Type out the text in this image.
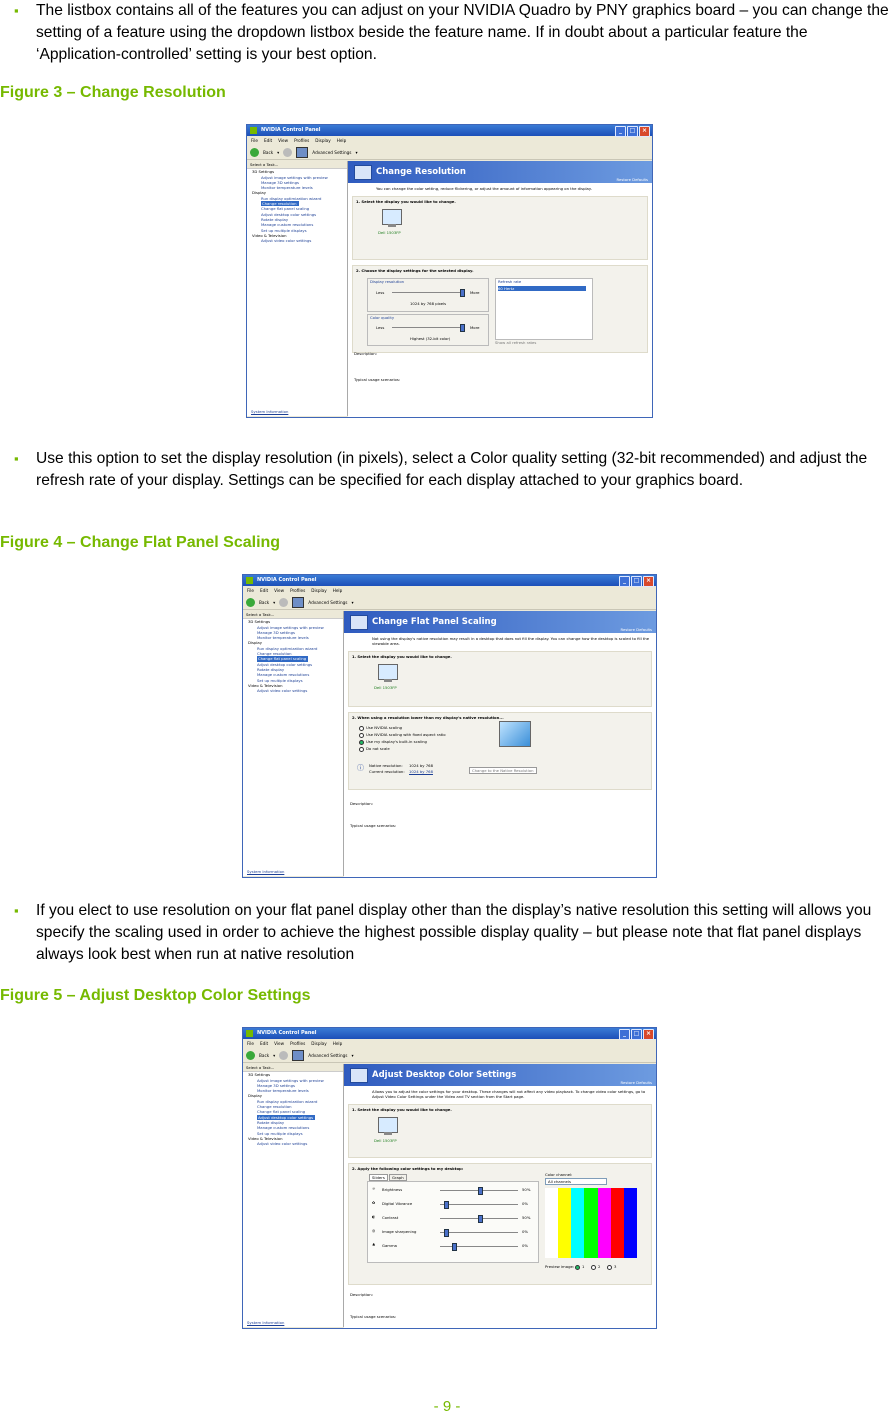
▪ The listbox contains all of the features you can adjust on your NVIDIA Quadro by PNY graphics board – you can change the setting of a feature using the dropdown listbox beside the feature name. If in doubt about a particular feature the ‘Application-controlled’ setting is your best option.
Figure 3 – Change Resolution
NVIDIA Control Panel	_	□	×
File Edit View Profiles Display Help
Back ▾	Advanced Settings ▾
Select a Task...
3D Settings
Adjust image settings with preview
Manage 3D settings
Monitor temperature levels
Display
Run display optimization wizard
Change resolution
Change flat panel scaling
Adjust desktop color settings
Rotate display
Manage custom resolutions
Set up multiple displays
Video & Television
Adjust video color settings
System Information
Change Resolution
Restore Defaults
You can change the color setting, reduce flickering, or adjust the amount of information appearing on the display.
1. Select the display you would like to change.
Dell 1503FP
2. Choose the display settings for the selected display.
Display resolution
Less	More
1024 by 768 pixels
Color quality
Less	More
Highest (32-bit color)
Refresh rate
60 Hertz
Show all refresh rates
Description:
Typical usage scenarios:
▪ Use this option to set the display resolution (in pixels), select a Color quality setting (32-bit recommended) and adjust the refresh rate of your display. Settings can be specified for each display attached to your graphics board.
Figure 4 – Change Flat Panel Scaling
NVIDIA Control Panel	_	□	×
File Edit View Profiles Display Help
Back ▾	Advanced Settings ▾
Select a Task...
3D Settings
Adjust image settings with preview
Manage 3D settings
Monitor temperature levels
Display
Run display optimization wizard
Change resolution
Change flat panel scaling
Adjust desktop color settings
Rotate display
Manage custom resolutions
Set up multiple displays
Video & Television
Adjust video color settings
System Information
Change Flat Panel Scaling
Restore Defaults
Not using the display's native resolution may result in a desktop that does not fill the display. You can change how the desktop is scaled to fill the viewable area.
1. Select the display you would like to change.
Dell 1503FP
2. When using a resolution lower than my display's native resolution...
Use NVIDIA scaling
Use NVIDIA scaling with fixed aspect ratio
Use my display's built-in scaling
Do not scale
ⓘ Native resolution: 1024 by 768
Current resolution: 1024 by 768	Change to the Native Resolution
Description:
Typical usage scenarios:
▪ If you elect to use resolution on your flat panel display other than the display’s native resolution this setting will allows you specify the scaling used in order to achieve the highest possible display quality – but please note that flat panel displays always look best when run at native resolution
Figure 5 – Adjust Desktop Color Settings
NVIDIA Control Panel	_	□	×
File Edit View Profiles Display Help
Back ▾	Advanced Settings ▾
Select a Task...
3D Settings
Adjust image settings with preview
Manage 3D settings
Monitor temperature levels
Display
Run display optimization wizard
Change resolution
Change flat panel scaling
Adjust desktop color settings
Rotate display
Manage custom resolutions
Set up multiple displays
Video & Television
Adjust video color settings
System Information
Adjust Desktop Color Settings
Restore Defaults
Allows you to adjust the color settings for your desktop. These changes will not affect any video playback. To change video color settings, go to Adjust Video Color Settings under the Video and TV section from the Start page.
1. Select the display you would like to change.
Dell 1503FP
2. Apply the following color settings to my desktop:
Sliders	Graph
☼ Brightness	50%
✿ Digital Vibrance	0%
◐ Contrast	50%
◎ Image sharpening	0%
♣ Gamma	0%
Color channel:
All channels
Preview image:	1	2	3
Description:
Typical usage scenarios:
- 9 -
